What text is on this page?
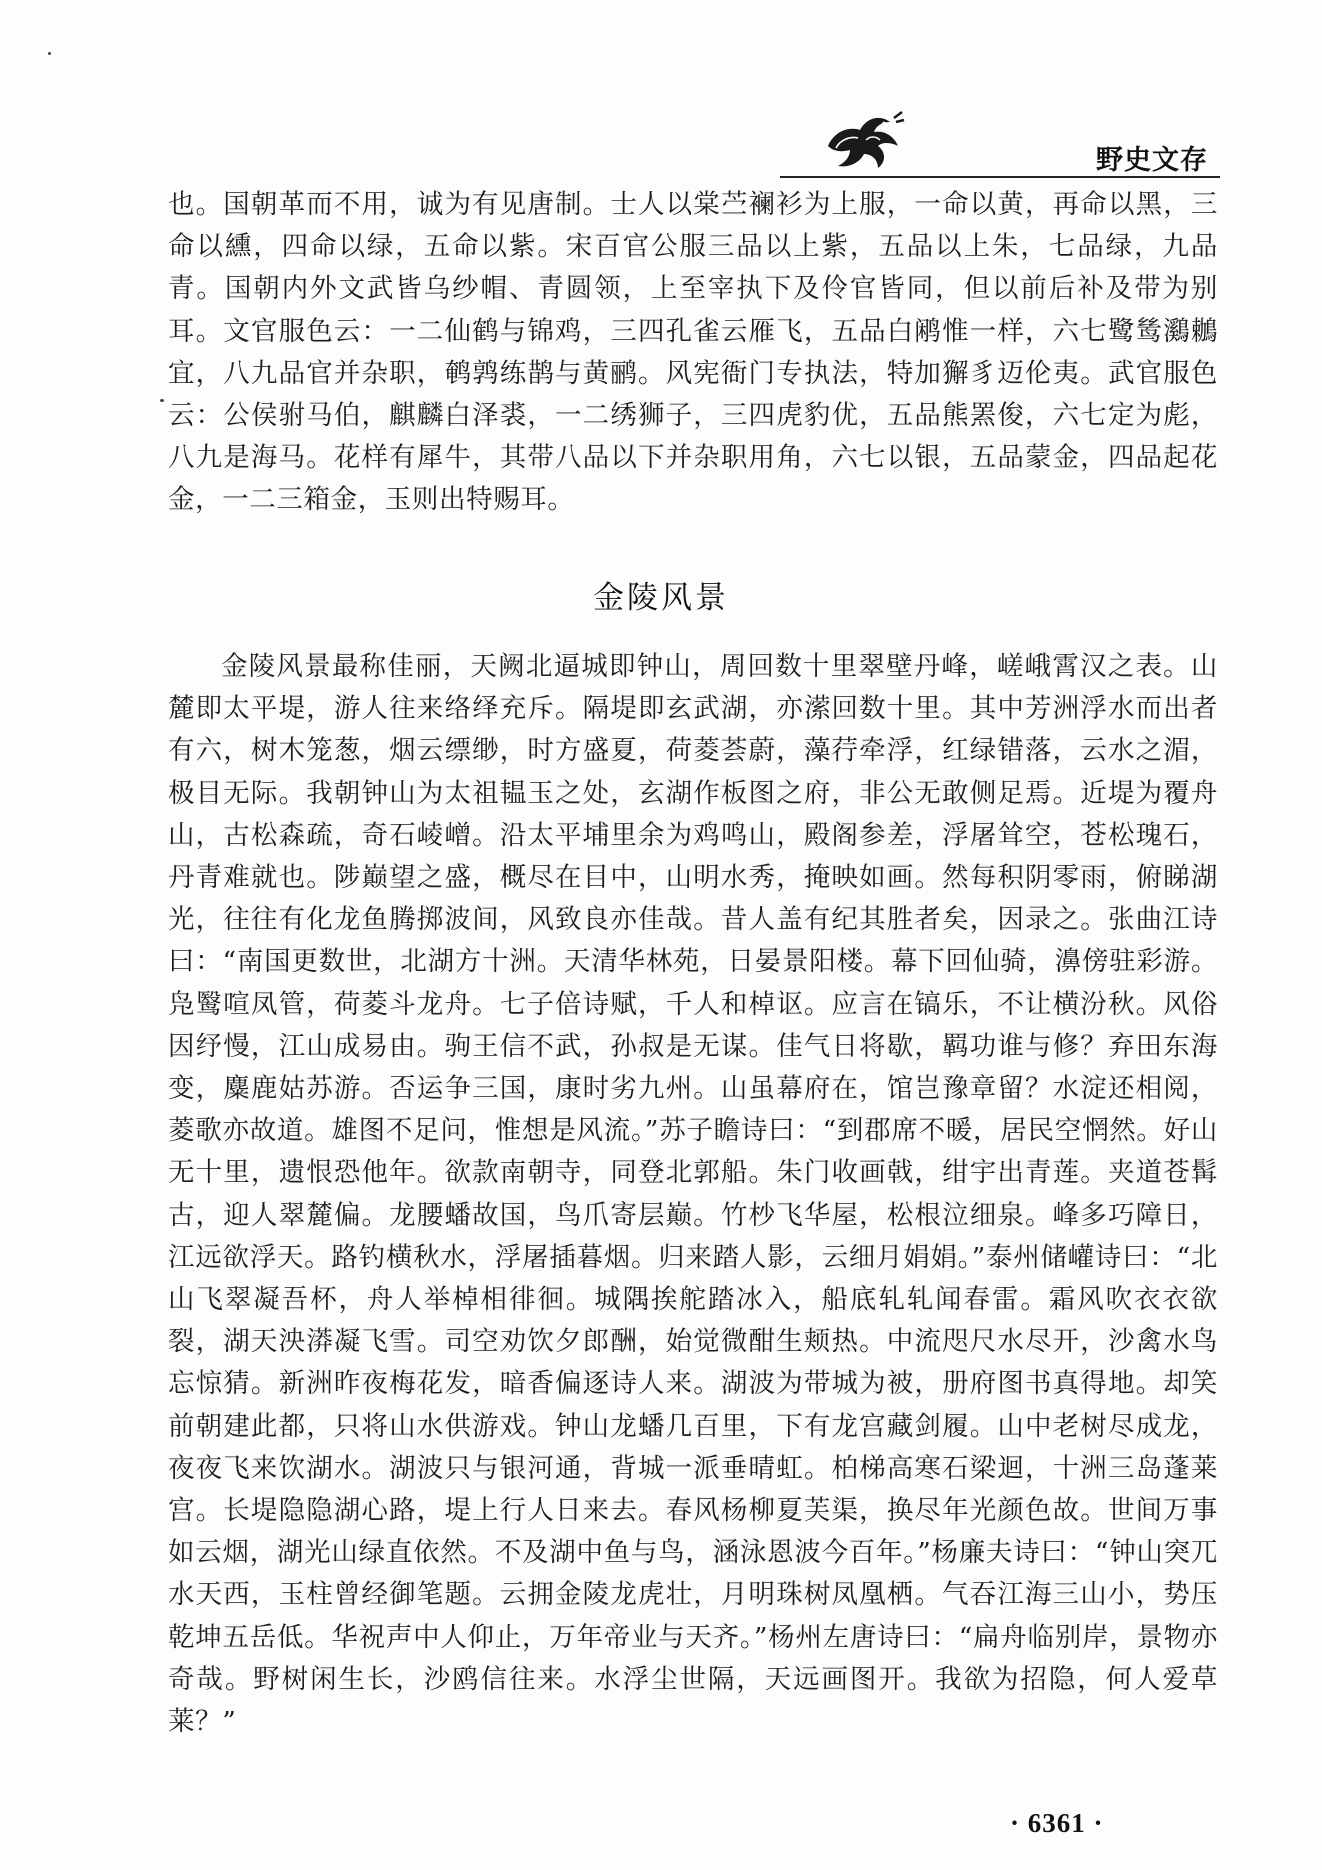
野史文存

也。国朝革而不用，诚为有见唐制。士人以棠苎襕衫为上服，一命以黄，再命以黑，三命以纁，四命以绿，五命以紫。宋百官公服三品以上紫，五品以上朱，七品绿，九品青。国朝内外文武皆乌纱帽、青圆领，上至宰执下及伶官皆同，但以前后补及带为别耳。文官服色云：一二仙鹤与锦鸡，三四孔雀云雁飞，五品白鹇惟一样，六七鹭鸶鸂鶒宜，八九品官并杂职，鹌鹑练鹊与黄鹂。风宪衙门专执法，特加獬豸迈伦夷。武官服色云：公侯驸马伯，麒麟白泽裘，一二绣狮子，三四虎豹优，五品熊罴俊，六七定为彪，八九是海马。花样有犀牛，其带八品以下并杂职用角，六七以银，五品蒙金，四品起花金，一二三箱金，玉则出特赐耳。

金陵风景

金陵风景最称佳丽，天阙北逼城即钟山，周回数十里翠壁丹峰，嵯峨霄汉之表。山麓即太平堤，游人往来络绎充斥。隔堤即玄武湖，亦潆回数十里。其中芳洲浮水而出者有六，树木笼葱，烟云缥缈，时方盛夏，荷菱荟蔚，藻荇牵浮，红绿错落，云水之湄，极目无际。我朝钟山为太祖韫玉之处，玄湖作板图之府，非公无敢侧足焉。近堤为覆舟山，古松森疏，奇石崚嶒。沿太平埔里余为鸡鸣山，殿阁参差，浮屠耸空，苍松瑰石，丹青难就也。陟巅望之盛，概尽在目中，山明水秀，掩映如画。然每积阴零雨，俯睇湖光，往往有化龙鱼腾掷波间，风致良亦佳哉。昔人盖有纪其胜者矣，因录之。张曲江诗曰：“南国更数世，北湖方十洲。天清华林苑，日晏景阳楼。幕下回仙骑，濞傍驻彩游。凫鹥喧凤管，荷菱斗龙舟。七子倍诗赋，千人和棹讴。应言在镐乐，不让横汾秋。风俗因纾慢，江山成易由。驹王信不武，孙叔是无谋。佳气日将歇，羁功谁与修？弃田东海变，麋鹿姑苏游。否运争三国，康时劣九州。山虽幕府在，馆岂豫章留？水淀还相阅，菱歌亦故道。雄图不足问，惟想是风流。”苏子瞻诗曰：“到郡席不暖，居民空惘然。好山无十里，遗恨恐他年。欲款南朝寺，同登北郭船。朱门收画戟，绀宇出青莲。夹道苍髯古，迎人翠麓偏。龙腰蟠故国，鸟爪寄层巅。竹杪飞华屋，松根泣细泉。峰多巧障日，江远欲浮天。路钓横秋水，浮屠插暮烟。归来踏人影，云细月娟娟。”泰州储巏诗曰：“北山飞翠凝吾杯，舟人举棹相徘徊。城隅挨舵踏冰入，船底轧轧闻春雷。霜风吹衣衣欲裂，湖天泱漭凝飞雪。司空劝饮夕郎酬，始觉微酣生颊热。中流咫尺水尽开，沙禽水鸟忘惊猜。新洲昨夜梅花发，暗香偏逐诗人来。湖波为带城为被，册府图书真得地。却笑前朝建此都，只将山水供游戏。钟山龙蟠几百里，下有龙宫藏剑履。山中老树尽成龙，夜夜飞来饮湖水。湖波只与银河通，背城一派垂晴虹。柏梯高寒石梁迴，十洲三岛蓬莱宫。长堤隐隐湖心路，堤上行人日来去。春风杨柳夏芙渠，换尽年光颜色故。世间万事如云烟，湖光山绿直依然。不及湖中鱼与鸟，涵泳恩波今百年。”杨廉夫诗曰：“钟山突兀水天西，玉柱曾经御笔题。云拥金陵龙虎壮，月明珠树凤凰栖。气吞江海三山小，势压乾坤五岳低。华祝声中人仰止，万年帝业与天齐。”杨州左唐诗曰：“扁舟临别岸，景物亦奇哉。野树闲生长，沙鸥信往来。水浮尘世隔，天远画图开。我欲为招隐，何人爱草莱？”

· 6361 ·
